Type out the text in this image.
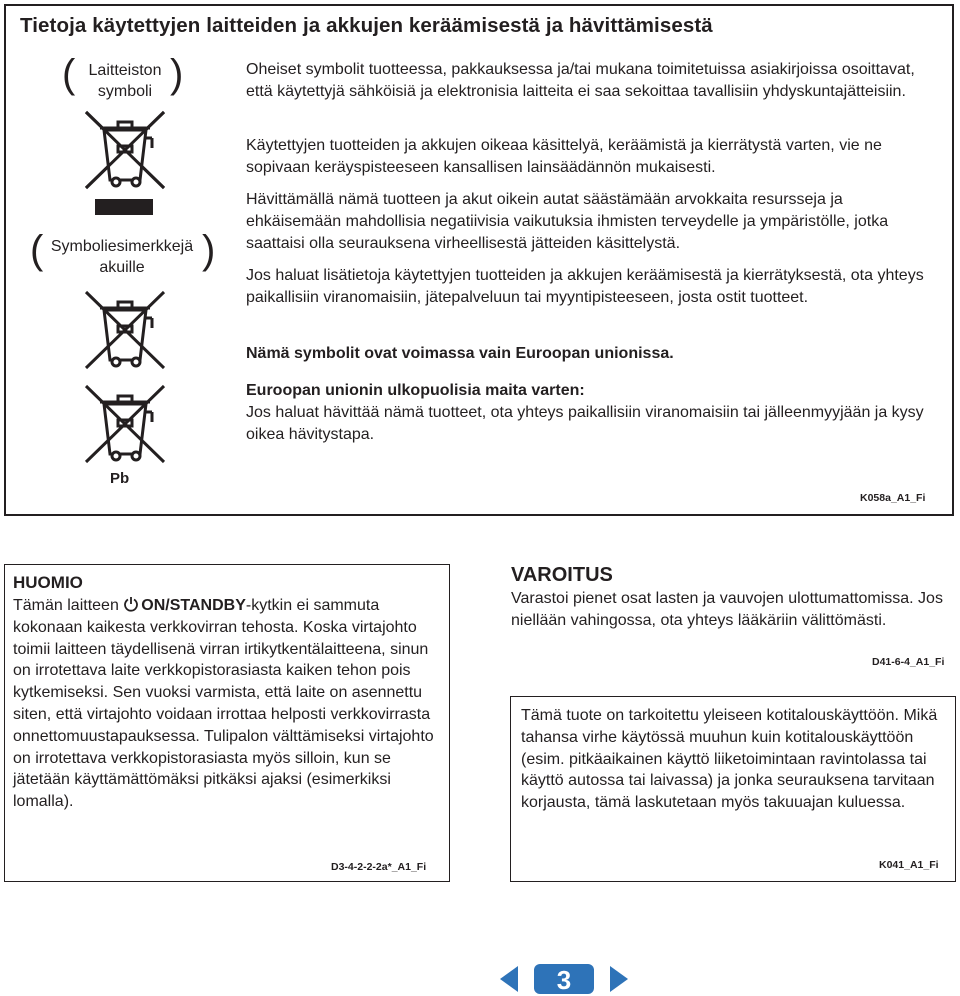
Tietoja käytettyjen laitteiden ja akkujen keräämisestä ja hävittämisestä
( )
Laitteiston
symboli
(	)
Symboliesimerkkejä
akuille
Pb

Oheiset symbolit tuotteessa, pakkauksessa ja/tai mukana toimitetuissa asiakirjoissa osoittavat, että käytettyjä sähköisiä ja elektronisia laitteita ei saa sekoittaa tavallisiin yhdyskuntajätteisiin.

Käytettyjen tuotteiden ja akkujen oikeaa käsittelyä, keräämistä ja kierrätystä varten, vie ne sopivaan keräyspisteeseen kansallisen lainsäädännön mukaisesti.

Hävittämällä nämä tuotteen ja akut oikein autat säästämään arvokkaita resursseja ja ehkäisemään mahdollisia negatiivisia vaikutuksia ihmisten terveydelle ja ympäristölle, jotka saattaisi olla seurauksena virheellisestä jätteiden käsittelystä.

Jos haluat lisätietoja käytettyjen tuotteiden ja akkujen keräämisestä ja kierrätyksestä, ota yhteys paikallisiin viranomaisiin, jätepalveluun tai myyntipisteeseen, josta ostit tuotteet.

Nämä symbolit ovat voimassa vain Euroopan unionissa.

Euroopan unionin ulkopuolisia maita varten:

Jos haluat hävittää nämä tuotteet, ota yhteys paikallisiin viranomaisiin tai jälleenmyyjään ja kysy oikea hävitystapa.

K058a_A1_Fi
HUOMIO
Tämän laitteen ON/STANDBY-kytkin ei sammuta kokonaan kaikesta verkkovirran tehosta. Koska virtajohto toimii laitteen täydellisenä virran irtikytkentälaitteena, sinun on irrotettava laite verkkopistorasiasta kaiken tehon pois kytkemiseksi. Sen vuoksi varmista, että laite on asennettu siten, että virtajohto voidaan irrottaa helposti verkkovirrasta onnettomuustapauksessa. Tulipalon välttämiseksi virtajohto on irrotettava verkkopistorasiasta myös silloin, kun se jätetään käyttämättömäksi pitkäksi ajaksi (esimerkiksi lomalla).
D3-4-2-2-2a*_A1_Fi
VAROITUS
Varastoi pienet osat lasten ja vauvojen ulottumattomissa. Jos niellään vahingossa, ota yhteys lääkäriin välittömästi.
D41-6-4_A1_Fi
Tämä tuote on tarkoitettu yleiseen kotitalouskäyttöön. Mikä tahansa virhe käytössä muuhun kuin kotitalouskäyttöön (esim. pitkäaikainen käyttö liiketoimintaan ravintolassa tai käyttö autossa tai laivassa) ja jonka seurauksena tarvitaan korjausta, tämä laskutetaan myös takuuajan kuluessa.
K041_A1_Fi
3
